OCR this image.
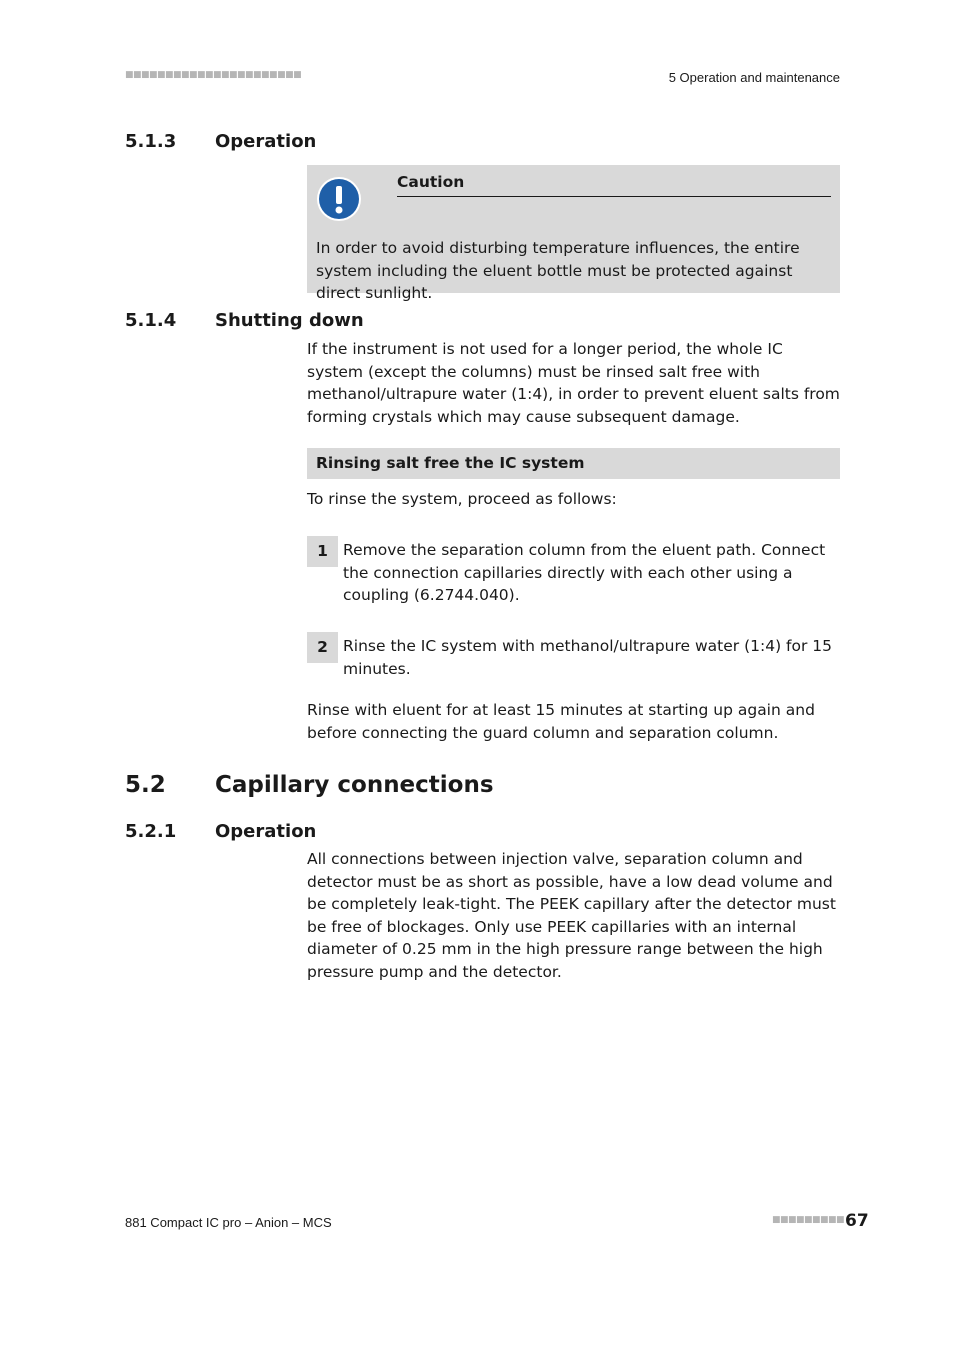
■■■■■■■■■■■■■■■■■■■■■■	5 Operation and maintenance
5.1.3 Operation
Caution
In order to avoid disturbing temperature influences, the entire system including the eluent bottle must be protected against direct sunlight.
5.1.4 Shutting down
If the instrument is not used for a longer period, the whole IC system (except the columns) must be rinsed salt free with methanol/ultrapure water (1:4), in order to prevent eluent salts from forming crystals which may cause subsequent damage.
Rinsing salt free the IC system
To rinse the system, proceed as follows:
1 Remove the separation column from the eluent path. Connect the connection capillaries directly with each other using a coupling (6.2744.040).
2 Rinse the IC system with methanol/ultrapure water (1:4) for 15 minutes.
Rinse with eluent for at least 15 minutes at starting up again and before connecting the guard column and separation column.
5.2 Capillary connections
5.2.1 Operation
All connections between injection valve, separation column and detector must be as short as possible, have a low dead volume and be completely leak-tight. The PEEK capillary after the detector must be free of blockages. Only use PEEK capillaries with an internal diameter of 0.25 mm in the high pressure range between the high pressure pump and the detector.
881 Compact IC pro – Anion – MCS	■■■■■■■■■ 67
